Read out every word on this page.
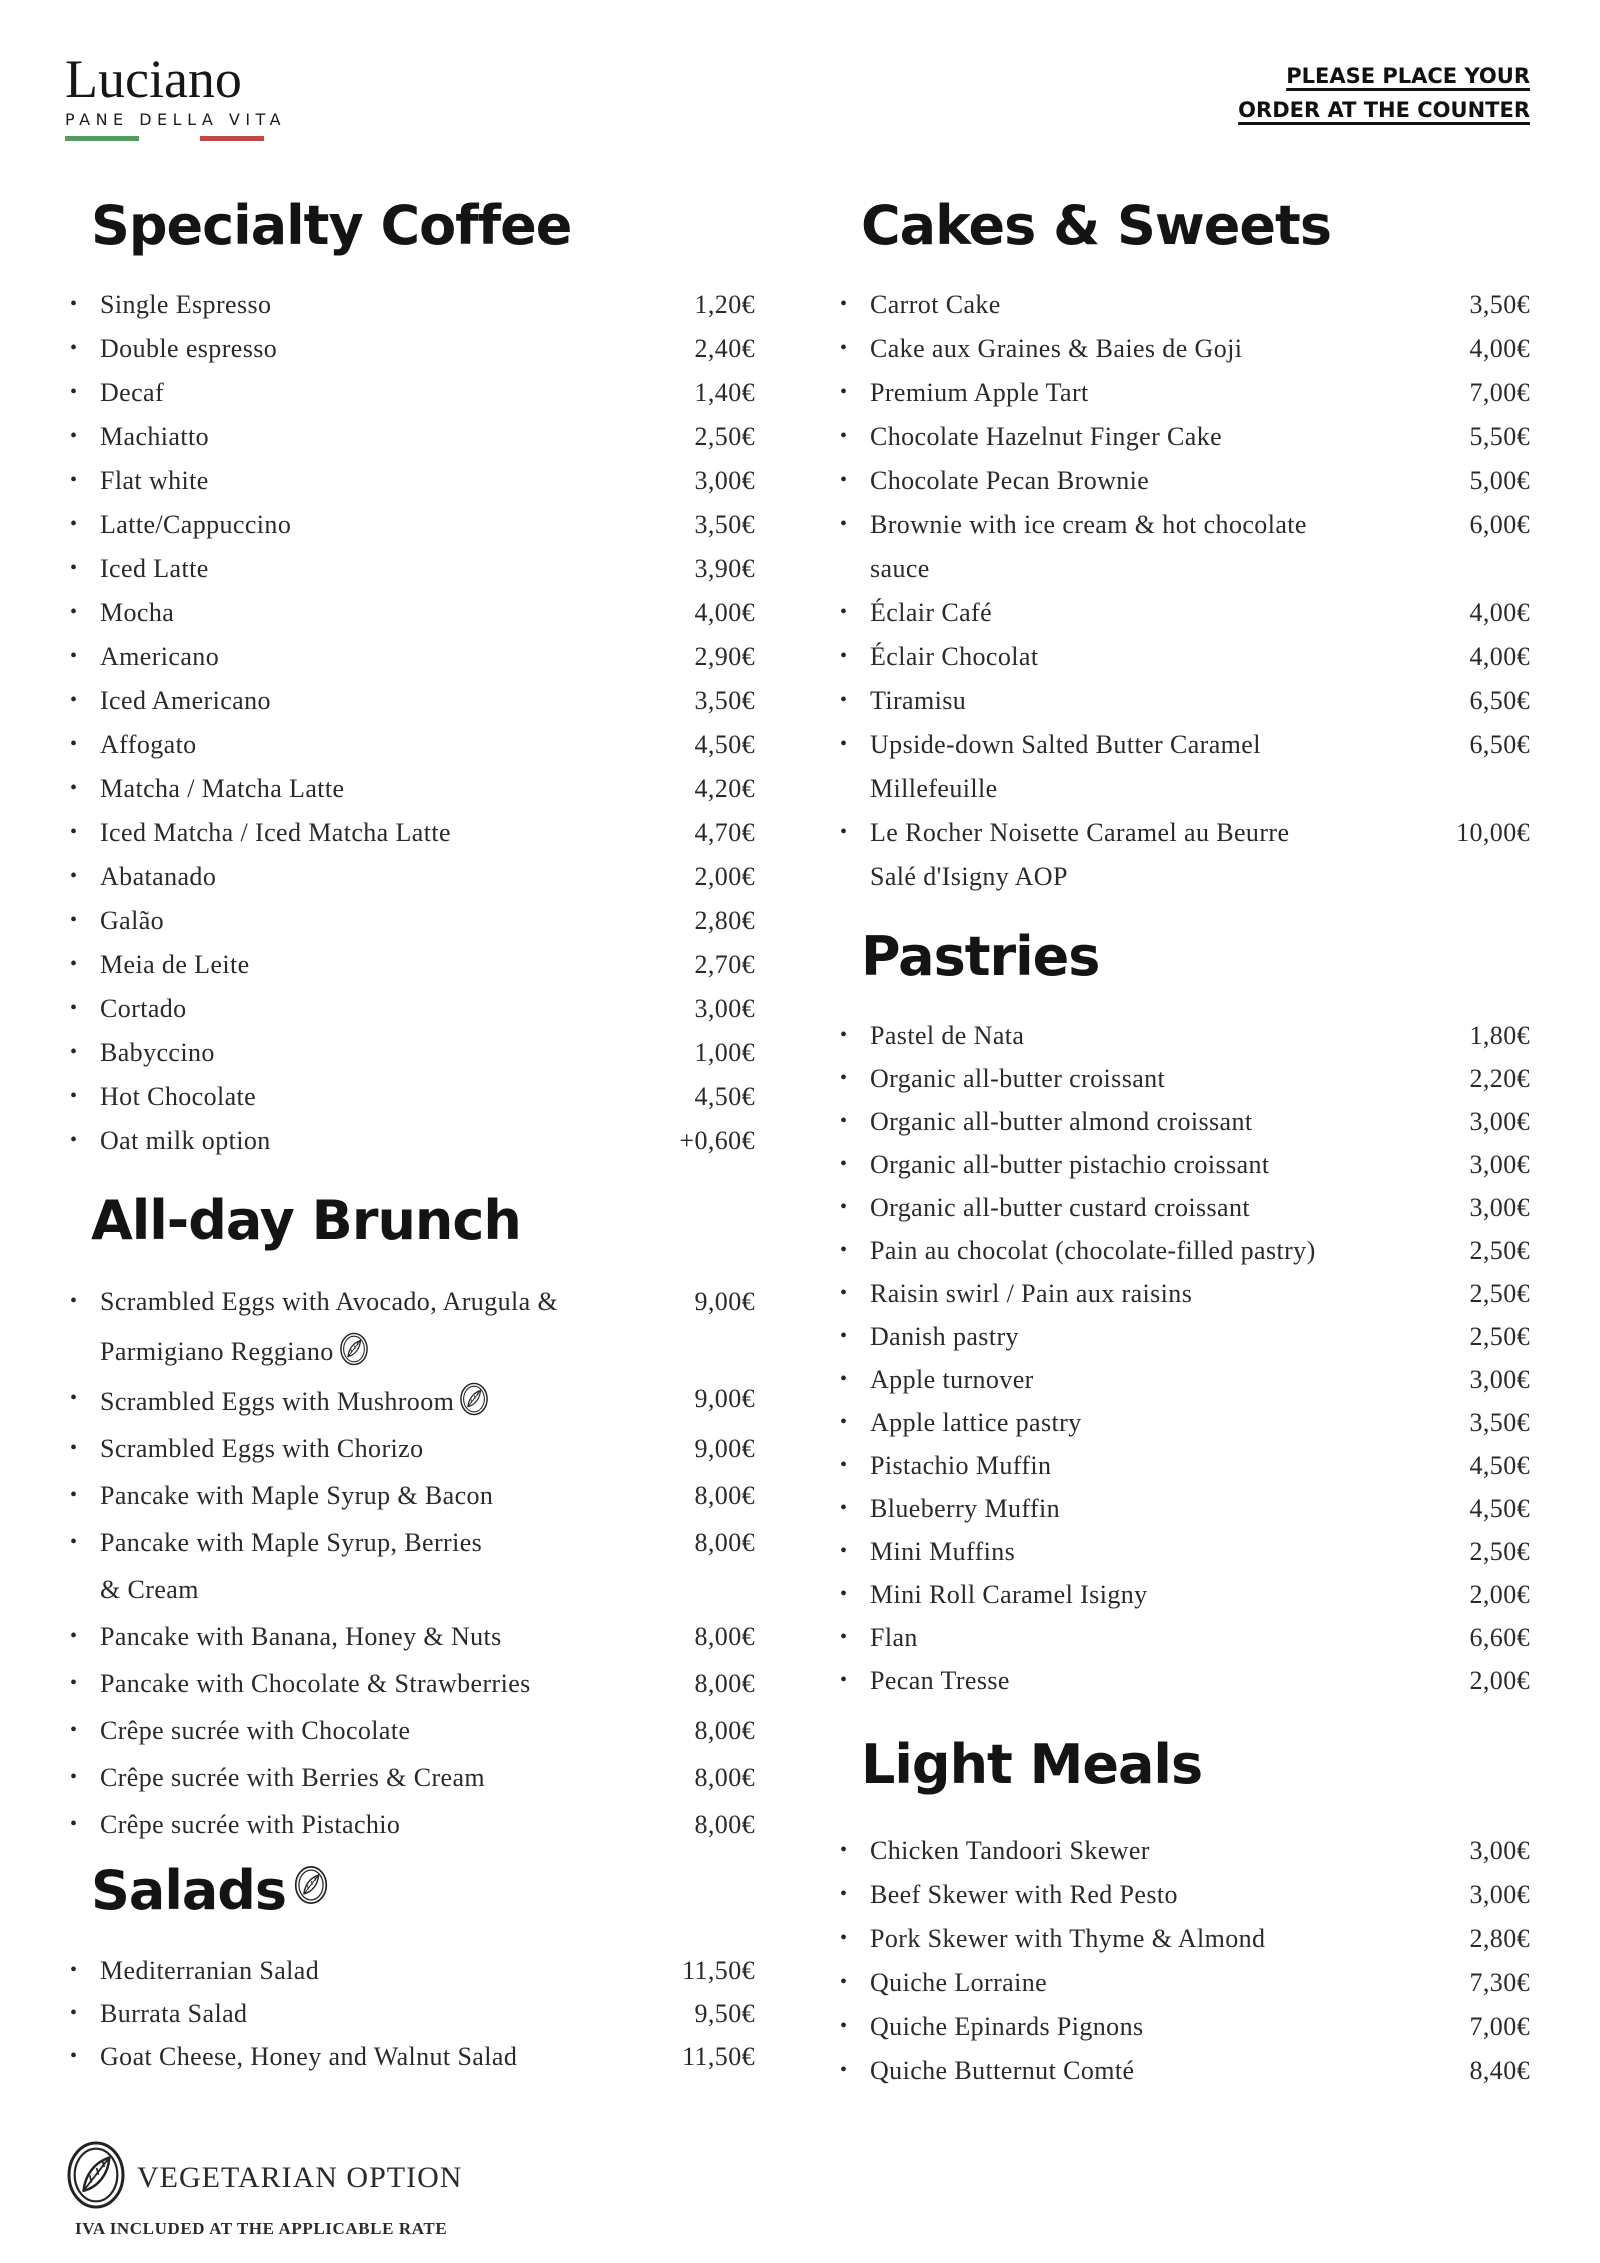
Luciano
PANE DELLA VITA
PLEASE PLACE YOUR
ORDER AT THE COUNTER
Specialty Coffee
• Single Espresso	1,20€
• Double espresso	2,40€
• Decaf	1,40€
• Machiatto	2,50€
• Flat white	3,00€
• Latte/Cappuccino	3,50€
• Iced Latte	3,90€
• Mocha	4,00€
• Americano	2,90€
• Iced Americano	3,50€
• Affogato	4,50€
• Matcha / Matcha Latte	4,20€
• Iced Matcha / Iced Matcha Latte	4,70€
• Abatanado	2,00€
• Galão	2,80€
• Meia de Leite	2,70€
• Cortado	3,00€
• Babyccino	1,00€
• Hot Chocolate	4,50€
• Oat milk option	+0,60€
All-day Brunch
• Scrambled Eggs with Avocado, Arugula &
Parmigiano Reggiano
9,00€
• Scrambled Eggs with Mushroom	9,00€
• Scrambled Eggs with Chorizo	9,00€
• Pancake with Maple Syrup & Bacon	8,00€
• Pancake with Maple Syrup, Berries
& Cream
8,00€
• Pancake with Banana, Honey & Nuts	8,00€
• Pancake with Chocolate & Strawberries	8,00€
• Crêpe sucrée with Chocolate	8,00€
• Crêpe sucrée with Berries & Cream	8,00€
• Crêpe sucrée with Pistachio	8,00€
Salads
• Mediterranian Salad	11,50€
• Burrata Salad	9,50€
• Goat Cheese, Honey and Walnut Salad	11,50€
Cakes & Sweets
• Carrot Cake	3,50€
• Cake aux Graines & Baies de Goji	4,00€
• Premium Apple Tart	7,00€
• Chocolate Hazelnut Finger Cake	5,50€
• Chocolate Pecan Brownie	5,00€
• Brownie with ice cream & hot chocolate
sauce
6,00€
• Éclair Café	4,00€
• Éclair Chocolat	4,00€
• Tiramisu	6,50€
• Upside-down Salted Butter Caramel
Millefeuille
6,50€
• Le Rocher Noisette Caramel au Beurre
Salé d'Isigny AOP
10,00€
Pastries
• Pastel de Nata	1,80€
• Organic all-butter croissant	2,20€
• Organic all-butter almond croissant	3,00€
• Organic all-butter pistachio croissant	3,00€
• Organic all-butter custard croissant	3,00€
• Pain au chocolat (chocolate-filled pastry)	2,50€
• Raisin swirl / Pain aux raisins	2,50€
• Danish pastry	2,50€
• Apple turnover	3,00€
• Apple lattice pastry	3,50€
• Pistachio Muffin	4,50€
• Blueberry Muffin	4,50€
• Mini Muffins	2,50€
• Mini Roll Caramel Isigny	2,00€
• Flan	6,60€
• Pecan Tresse	2,00€
Light Meals
• Chicken Tandoori Skewer	3,00€
• Beef Skewer with Red Pesto	3,00€
• Pork Skewer with Thyme & Almond	2,80€
• Quiche Lorraine	7,30€
• Quiche Epinards Pignons	7,00€
• Quiche Butternut Comté	8,40€
VEGETARIAN OPTION
IVA INCLUDED AT THE APPLICABLE RATE
